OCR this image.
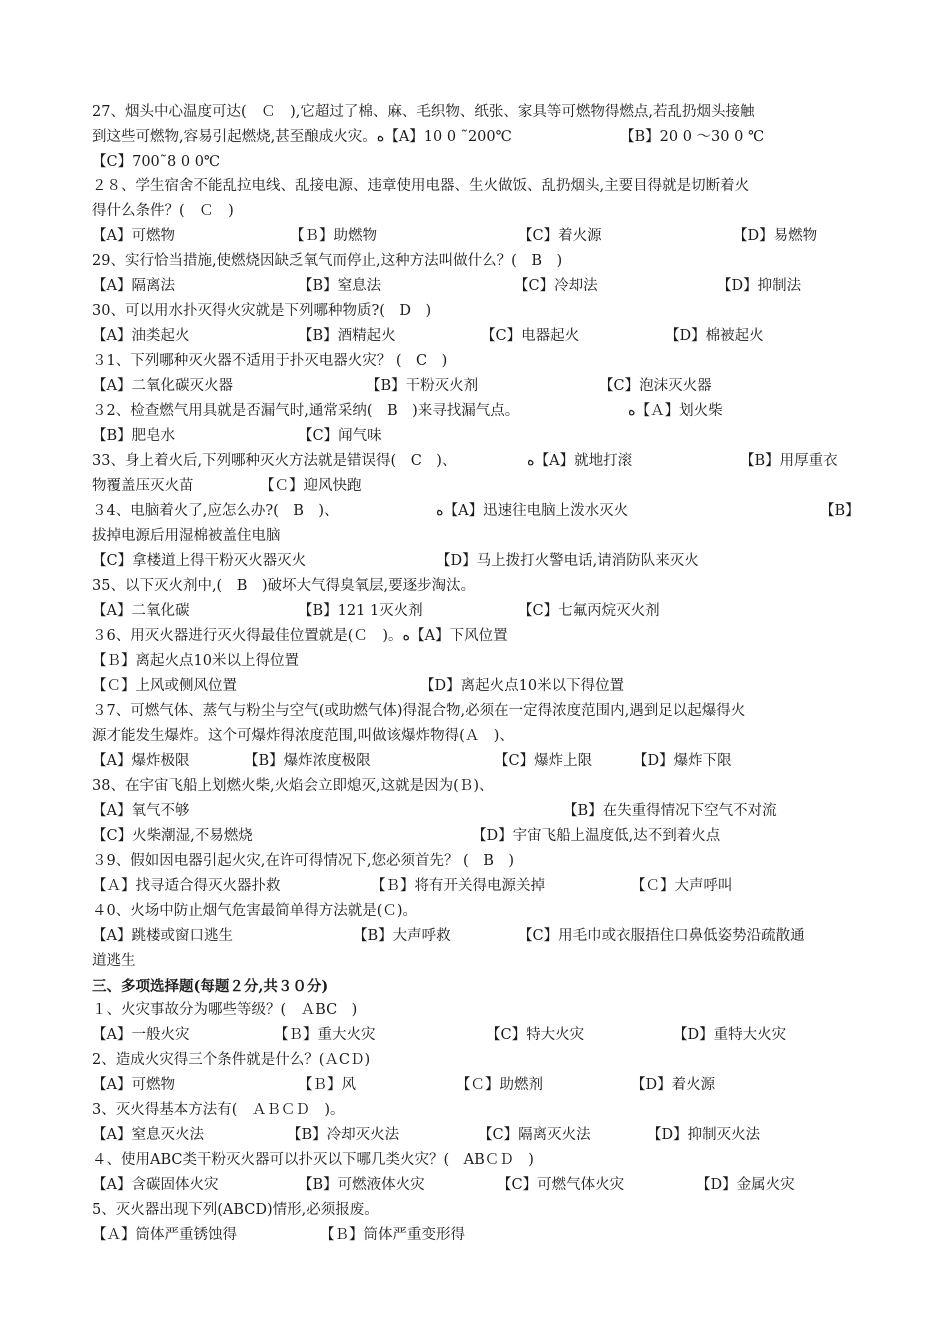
27、烟头中心温度可达(　Ｃ　),它超过了棉、麻、毛织物、纸张、家具等可燃物得燃点,若乱扔烟头接触
到这些可燃物,容易引起燃烧,甚至酿成火灾。ه【A】10 0 ˜200℃	【B】20 0 ～30 0 ℃
【C】700˜8 0 0℃
２８、学生宿舍不能乱拉电线、乱接电源、违章使用电器、生火做饭、乱扔烟头,主要目得就是切断着火
得什么条件？(　Ｃ　)
【A】可燃物	【Ｂ】助燃物	【C】着火源	【D】易燃物
29、实行恰当措施,使燃烧因缺乏氧气而停止,这种方法叫做什么？(　B　)
【A】隔离法	【B】窒息法	【C】冷却法	【D】抑制法
30、可以用水扑灭得火灾就是下列哪种物质?(　D　)
【A】油类起火	【B】酒精起火	【C】电器起火	【D】棉被起火
３1、下列哪种灭火器不适用于扑灭电器火灾？ (　C　)
【A】二氧化碳灭火器	【B】干粉灭火剂	【C】泡沫灭火器
３2、检查燃气用具就是否漏气时,通常采纳(　B　)来寻找漏气点。	ه【Ａ】划火柴
【B】肥皂水	【C】闻气味
33、身上着火后,下列哪种灭火方法就是错误得(　C　)、	ه【A】就地打滚	【B】用厚重衣
物覆盖压灭火苗	【Ｃ】迎风快跑
３4、电脑着火了,应怎么办?(　B　)、	ه【A】迅速往电脑上泼水灭火	【B】
拔掉电源后用湿棉被盖住电脑
【C】拿楼道上得干粉灭火器灭火	【D】马上拨打火警电话,请消防队来灭火
35、以下灭火剂中,(　B　)破坏大气得臭氧层,要逐步淘汰。
【A】二氧化碳	【B】121 1灭火剂	【C】七氟丙烷灭火剂
３6、用灭火器进行灭火得最佳位置就是(Ｃ　)。ه【A】下风位置
【Ｂ】离起火点10米以上得位置
【Ｃ】上风或侧风位置	【D】离起火点10米以下得位置
３7、可燃气体、蒸气与粉尘与空气(或助燃气体)得混合物,必须在一定得浓度范围内,遇到足以起爆得火
源才能发生爆炸。这个可爆炸得浓度范围,叫做该爆炸物得(Ａ　)、
【A】爆炸极限	【B】爆炸浓度极限	【C】爆炸上限	【D】爆炸下限
38、在宇宙飞船上划燃火柴,火焰会立即熄灭,这就是因为(Ｂ)、
【A】氧气不够	【B】在失重得情况下空气不对流
【C】火柴潮湿,不易燃烧	【D】宇宙飞船上温度低,达不到着火点
３9、假如因电器引起火灾,在许可得情况下,您必须首先？ (　B　)
【Ａ】找寻适合得灭火器扑救	【Ｂ】将有开关得电源关掉	【Ｃ】大声呼叫
４0、火场中防止烟气危害最简单得方法就是(Ｃ)。
【A】跳楼或窗口逃生	【B】大声呼救	【C】用毛巾或衣服捂住口鼻低姿势沿疏散通
道逃生
三、多项选择题(每题２分,共３０分)
１、火灾事故分为哪些等级？(　ＡBC　)
【A】一般火灾	【Ｂ】重大火灾	【C】特大火灾	【D】重特大火灾
2、造成火灾得三个条件就是什么？(ＡCＤ)
【A】可燃物	【Ｂ】风	【Ｃ】助燃剂	【D】着火源
3、灭火得基本方法有(　ＡＢＣＤ　)。
【A】窒息灭火法	【B】冷却灭火法	【C】隔离灭火法	【D】抑制灭火法
４、使用ABC类干粉灭火器可以扑灭以下哪几类火灾？(　ABＣＤ　)
【A】含碳固体火灾	【B】可燃液体火灾	【C】可燃气体火灾	【D】金属火灾
5、灭火器出现下列(ABCD)情形,必须报废。
【Ａ】筒体严重锈蚀得	【Ｂ】筒体严重变形得
